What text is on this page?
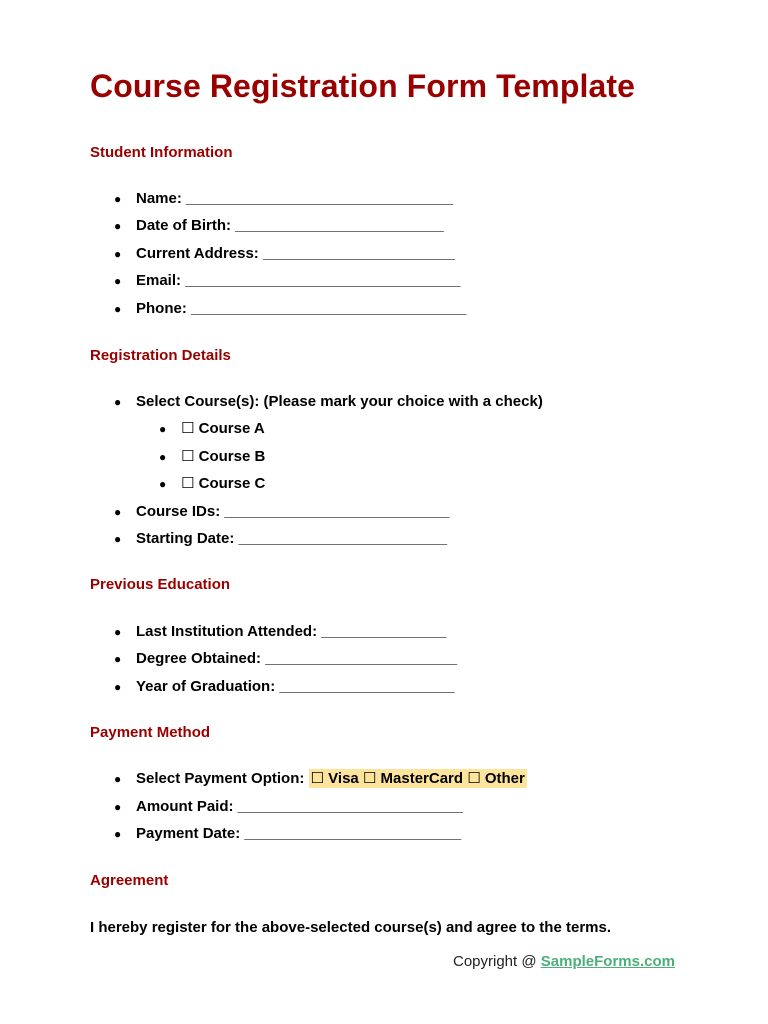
Course Registration Form Template
Student Information
● Name: ________________________________
● Date of Birth: _________________________
● Current Address: _______________________
● Email: _________________________________
● Phone: _________________________________
Registration Details
● Select Course(s): (Please mark your choice with a check)
● ☐ Course A
● ☐ Course B
● ☐ Course C
● Course IDs: ___________________________
● Starting Date: _________________________
Previous Education
● Last Institution Attended: _______________
● Degree Obtained: _______________________
● Year of Graduation: _____________________
Payment Method
● Select Payment Option: ☐ Visa ☐ MasterCard ☐ Other
● Amount Paid: ___________________________
● Payment Date: __________________________
Agreement

I hereby register for the above-selected course(s) and agree to the terms.

Copyright @ SampleForms.com
